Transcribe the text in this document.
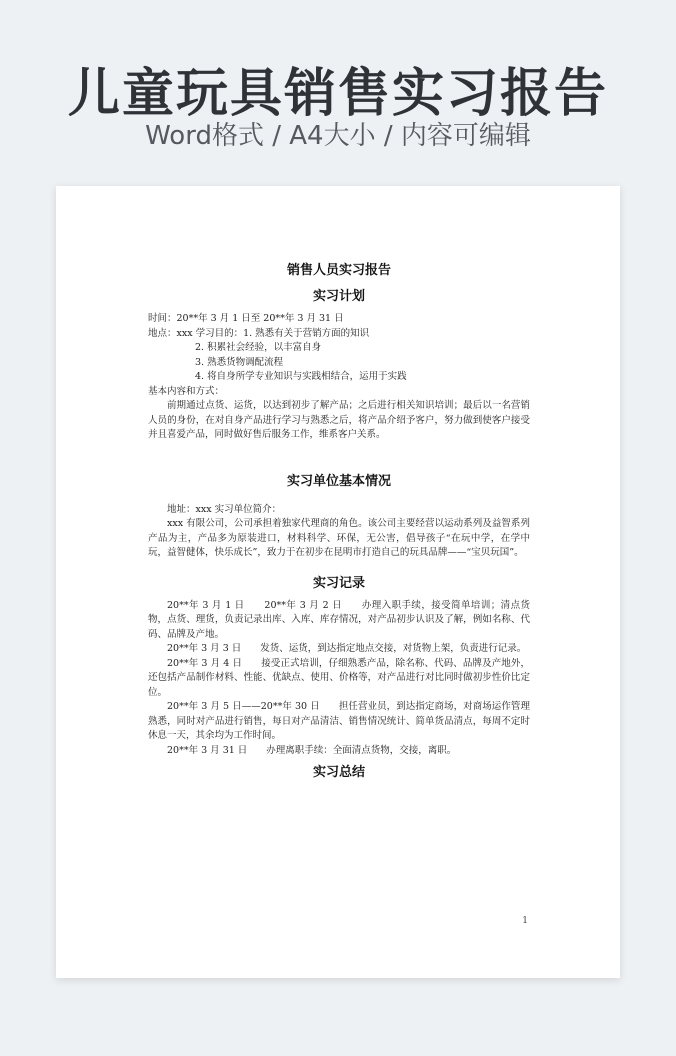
儿童玩具销售实习报告
Word格式 / A4大小 / 内容可编辑
销售人员实习报告
实习计划

时间：20**年 3 月 1 日至 20**年 3 月 31 日

地点：xxx 学习目的：1. 熟悉有关于营销方面的知识

2. 积累社会经验，以丰富自身

3. 熟悉货物调配流程

4. 将自身所学专业知识与实践相结合，运用于实践

基本内容和方式：

前期通过点货、运货，以达到初步了解产品；之后进行相关知识培训；最后以一名营销人员的身份，在对自身产品进行学习与熟悉之后，将产品介绍予客户，努力做到使客户接受并且喜爱产品，同时做好售后服务工作，维系客户关系。

实习单位基本情况

地址：xxx 实习单位简介：

xxx 有限公司，公司承担着独家代理商的角色。该公司主要经营以运动系列及益智系列产品为主，产品多为原装进口，材料科学、环保，无公害，倡导孩子“在玩中学，在学中玩，益智健体，快乐成长”，致力于在初步在昆明市打造自己的玩具品牌——“宝贝玩国”。

实习记录

20**年 3 月 1 日　　20**年 3 月 2 日　　办理入职手续，接受简单培训；清点货物，点货、理货，负责记录出库、入库、库存情况，对产品初步认识及了解，例如名称、代码、品牌及产地。

20**年 3 月 3 日　　发货、运货，到达指定地点交接，对货物上架，负责进行记录。

20**年 3 月 4 日　　接受正式培训，仔细熟悉产品，除名称、代码、品牌及产地外，还包括产品制作材料、性能、优缺点、使用、价格等，对产品进行对比同时做初步性价比定位。

20**年 3 月 5 日——20**年 30 日　　担任营业员，到达指定商场，对商场运作管理熟悉，同时对产品进行销售，每日对产品清洁、销售情况统计、简单货品清点，每周不定时休息一天，其余均为工作时间。

20**年 3 月 31 日　　办理离职手续：全面清点货物，交接，离职。

实习总结
1
